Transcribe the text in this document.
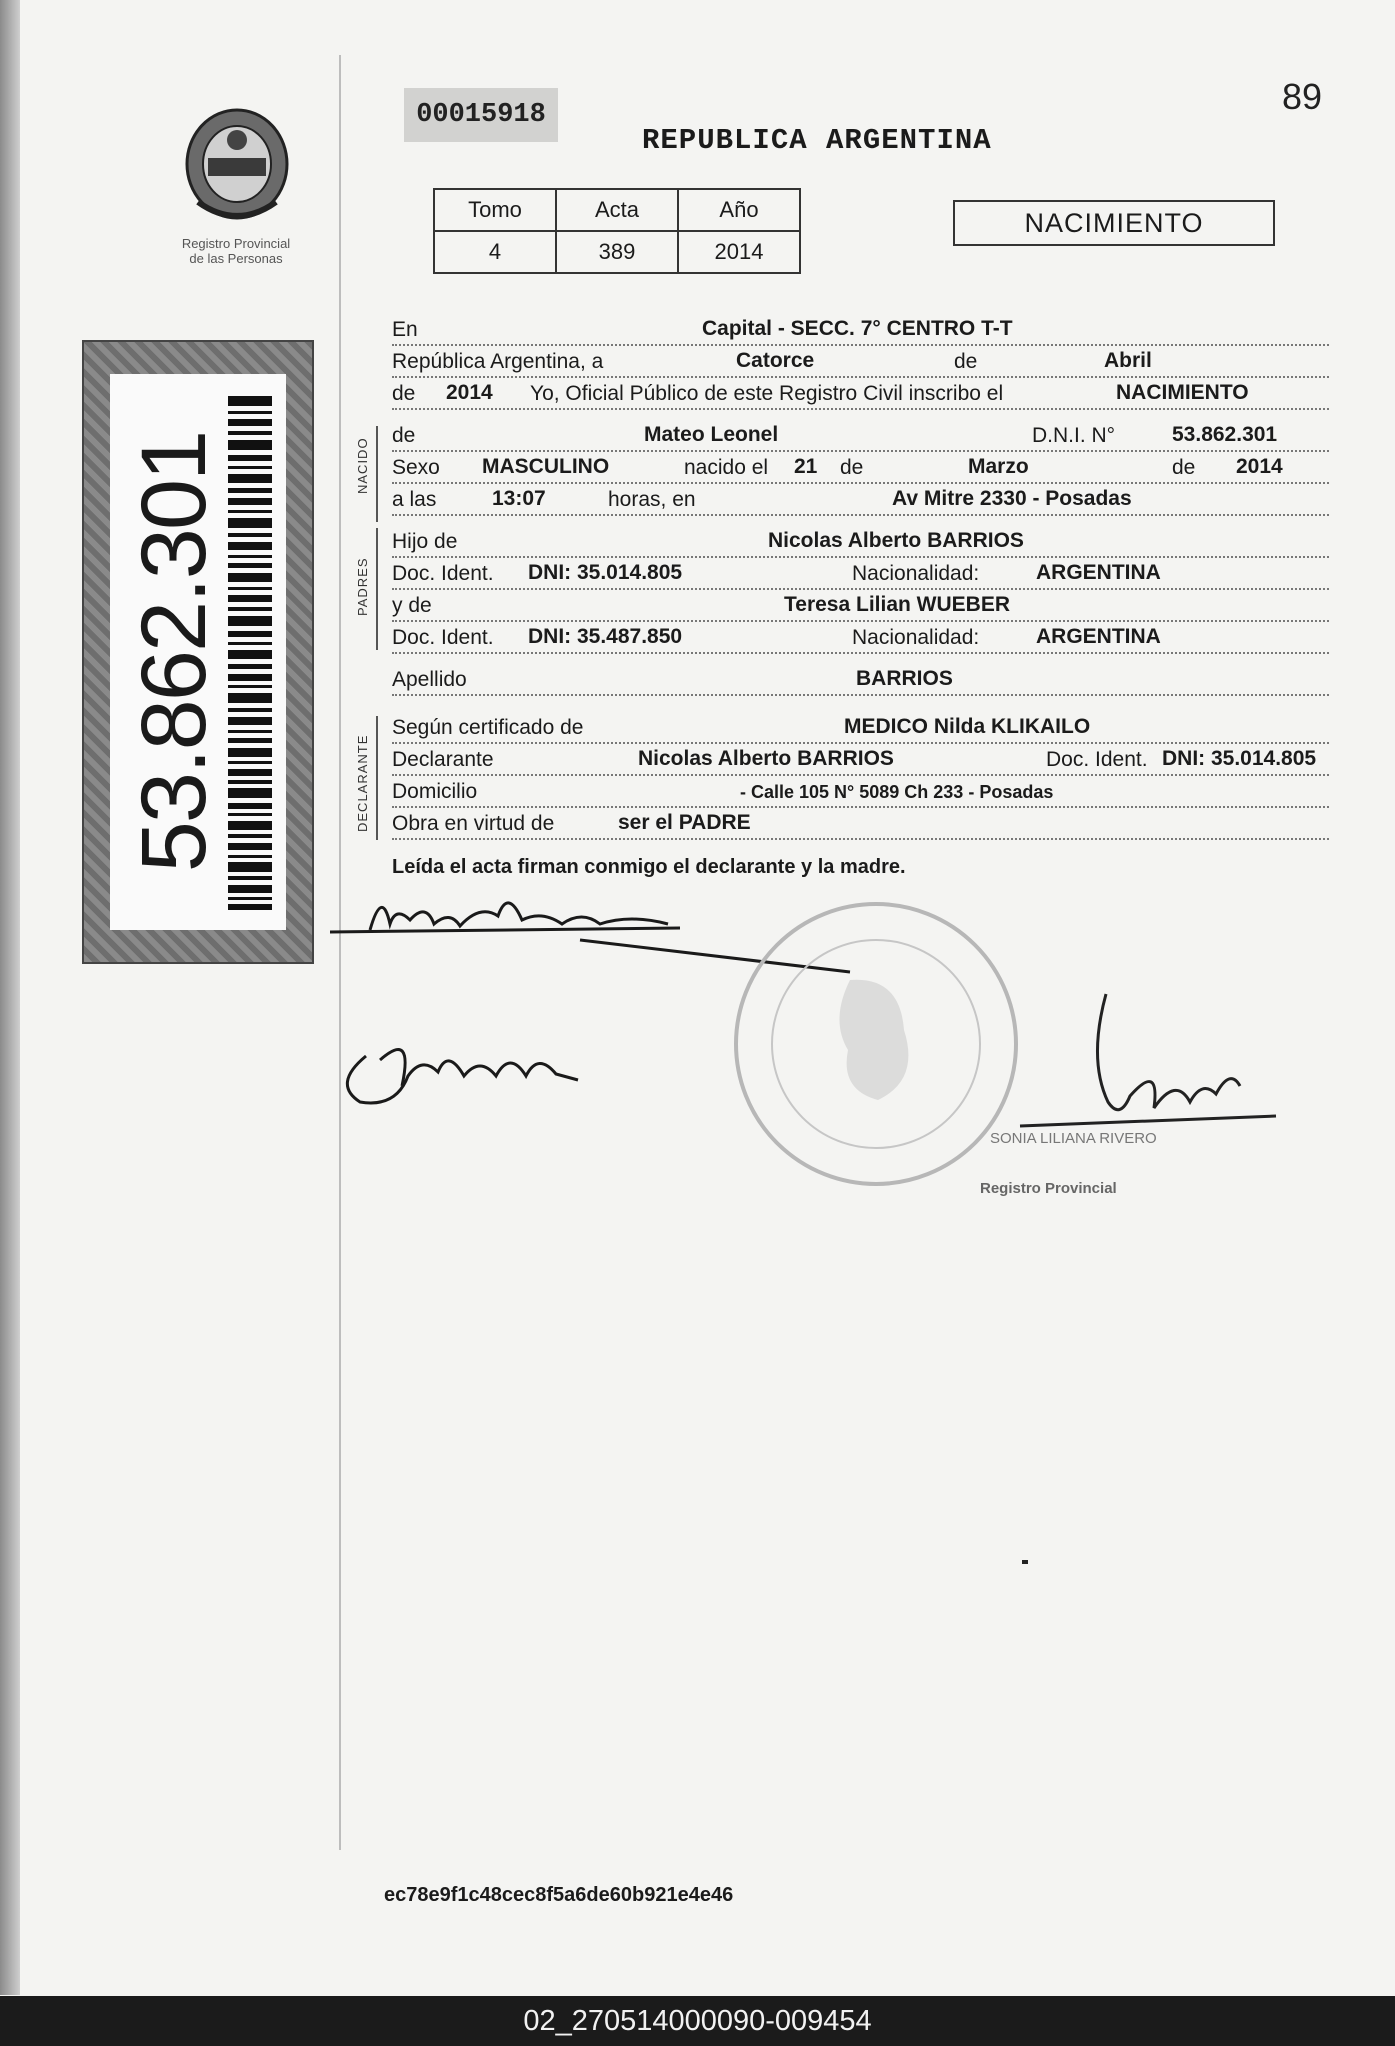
Registro Provincial
de las Personas
53.862.301
00015918
REPUBLICA ARGENTINA
89
Tomo	Acta	Año
4	389	2014
NACIMIENTO
NACIDO
PADRES
DECLARANTE
En	Capital - SECC. 7° CENTRO T-T
República Argentina, a	Catorce	de	Abril
de 2014 Yo, Oficial Público de este Registro Civil inscribo el	NACIMIENTO
de	Mateo Leonel	D.N.I. N°	53.862.301
Sexo MASCULINO	nacido el 21 de	Marzo	de 2014
a las	13:07	horas, en	Av Mitre 2330 - Posadas
Hijo de	Nicolas Alberto BARRIOS
Doc. Ident. DNI: 35.014.805	Nacionalidad:	ARGENTINA
y de	Teresa Lilian WUEBER
Doc. Ident. DNI: 35.487.850	Nacionalidad:	ARGENTINA
Apellido	BARRIOS
Según certificado de	MEDICO Nilda KLIKAILO
Declarante	Nicolas Alberto BARRIOS	Doc. Ident. DNI: 35.014.805
Domicilio	- Calle 105 N° 5089 Ch 233 - Posadas
Obra en virtud de	ser el PADRE
Leída el acta firman conmigo el declarante y la madre.
SONIA LILIANA RIVERO
Registro Provincial
ec78e9f1c48cec8f5a6de60b921e4e46
02_270514000090-009454
